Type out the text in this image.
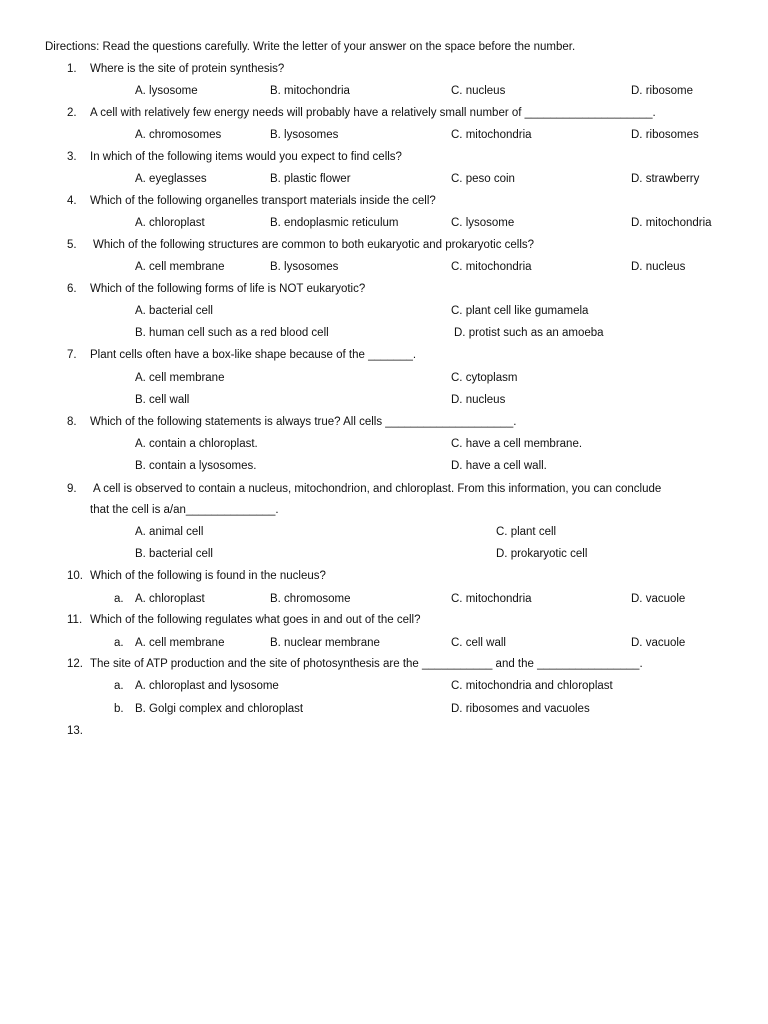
Directions: Read the questions carefully. Write the letter of your answer on the space before the number.
1. Where is the site of protein synthesis?
A. lysosome	B. mitochondria	C. nucleus	D. ribosome
2. A cell with relatively few energy needs will probably have a relatively small number of ____________________.
A. chromosomes	B. lysosomes	C. mitochondria	D. ribosomes
3. In which of the following items would you expect to find cells?
A. eyeglasses	B. plastic flower	C. peso coin	D. strawberry
4. Which of the following organelles transport materials inside the cell?
A. chloroplast	B. endoplasmic reticulum	C. lysosome	D. mitochondria
5. Which of the following structures are common to both eukaryotic and prokaryotic cells?
A. cell membrane	B. lysosomes	C. mitochondria	D. nucleus
6. Which of the following forms of life is NOT eukaryotic?
A. bacterial cell	C. plant cell like gumamela
B. human cell such as a red blood cell	D. protist such as an amoeba
7. Plant cells often have a box-like shape because of the _______.
A. cell membrane	C. cytoplasm
B. cell wall	D. nucleus
8. Which of the following statements is always true? All cells ____________________.
A. contain a chloroplast.	C. have a cell membrane.
B. contain a lysosomes.	D. have a cell wall.
9. A cell is observed to contain a nucleus, mitochondrion, and chloroplast. From this information, you can conclude
that the cell is a/an______________.
A. animal cell	C. plant cell
B. bacterial cell	D. prokaryotic cell
10. Which of the following is found in the nucleus?
a. A. chloroplast	B. chromosome	C. mitochondria	D. vacuole
11. Which of the following regulates what goes in and out of the cell?
a. A. cell membrane	B. nuclear membrane	C. cell wall	D. vacuole
12. The site of ATP production and the site of photosynthesis are the ___________ and the ________________.
a. A. chloroplast and lysosome	C. mitochondria and chloroplast
b. B. Golgi complex and chloroplast	D. ribosomes and vacuoles
13.
